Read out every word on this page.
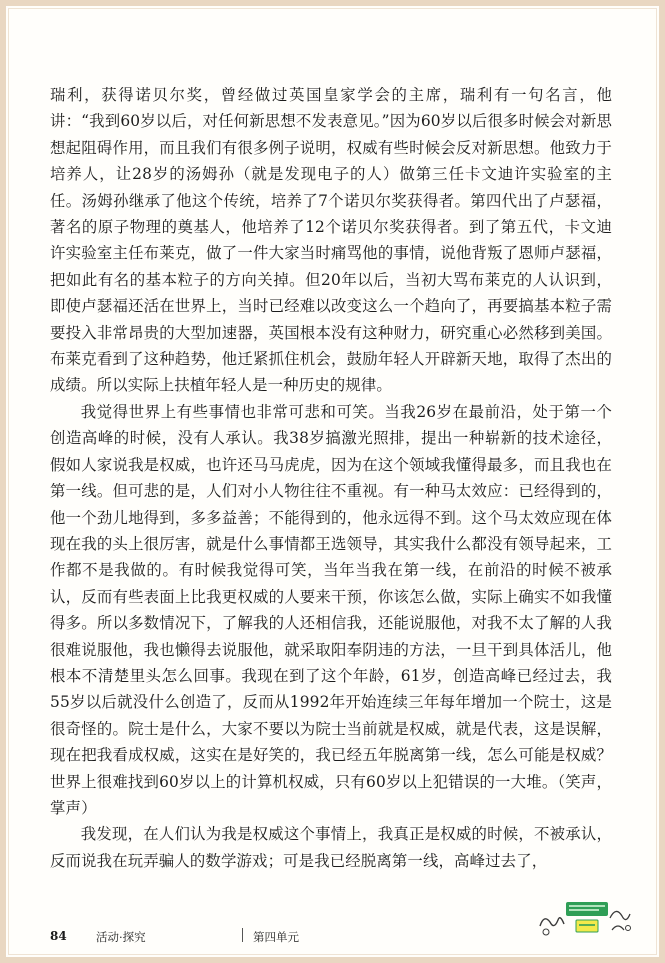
瑞利，获得诺贝尔奖，曾经做过英国皇家学会的主席，瑞利有一句名言，他讲：“我到60岁以后，对任何新思想不发表意见。”因为60岁以后很多时候会对新思想起阻碍作用，而且我们有很多例子说明，权威有些时候会反对新思想。他致力于培养人，让28岁的汤姆孙（就是发现电子的人）做第三任卡文迪许实验室的主任。汤姆孙继承了他这个传统，培养了7个诺贝尔奖获得者。第四代出了卢瑟福，著名的原子物理的奠基人，他培养了12个诺贝尔奖获得者。到了第五代，卡文迪许实验室主任布莱克，做了一件大家当时痛骂他的事情，说他背叛了恩师卢瑟福，把如此有名的基本粒子的方向关掉。但20年以后，当初大骂布莱克的人认识到，即使卢瑟福还活在世界上，当时已经难以改变这么一个趋向了，再要搞基本粒子需要投入非常昂贵的大型加速器，英国根本没有这种财力，研究重心必然移到美国。布莱克看到了这种趋势，他迁紧抓住机会，鼓励年轻人开辟新天地，取得了杰出的成绩。所以实际上扶植年轻人是一种历史的规律。

我觉得世界上有些事情也非常可悲和可笑。当我26岁在最前沿，处于第一个创造高峰的时候，没有人承认。我38岁搞激光照排，提出一种崭新的技术途径，假如人家说我是权威，也许还马马虎虎，因为在这个领域我懂得最多，而且我也在第一线。但可悲的是，人们对小人物往往不重视。有一种马太效应：已经得到的，他一个劲儿地得到，多多益善；不能得到的，他永远得不到。这个马太效应现在体现在我的头上很厉害，就是什么事情都王选领导，其实我什么都没有领导起来，工作都不是我做的。有时候我觉得可笑，当年当我在第一线，在前沿的时候不被承认，反而有些表面上比我更权威的人要来干预，你该怎么做，实际上确实不如我懂得多。所以多数情况下，了解我的人还相信我，还能说服他，对我不太了解的人我很难说服他，我也懒得去说服他，就采取阳奉阴违的方法，一旦干到具体活儿，他根本不清楚里头怎么回事。我现在到了这个年龄，61岁，创造高峰已经过去，我55岁以后就没什么创造了，反而从1992年开始连续三年每年增加一个院士，这是很奇怪的。院士是什么，大家不要以为院士当前就是权威，就是代表，这是误解，现在把我看成权威，这实在是好笑的，我已经五年脱离第一线，怎么可能是权威？世界上很难找到60岁以上的计算机权威，只有60岁以上犯错误的一大堆。（笑声，掌声）

我发现，在人们认为我是权威这个事情上，我真正是权威的时候，不被承认，反而说我在玩弄骗人的数学游戏；可是我已经脱离第一线，高峰过去了，

84	活动·探究	第四单元
